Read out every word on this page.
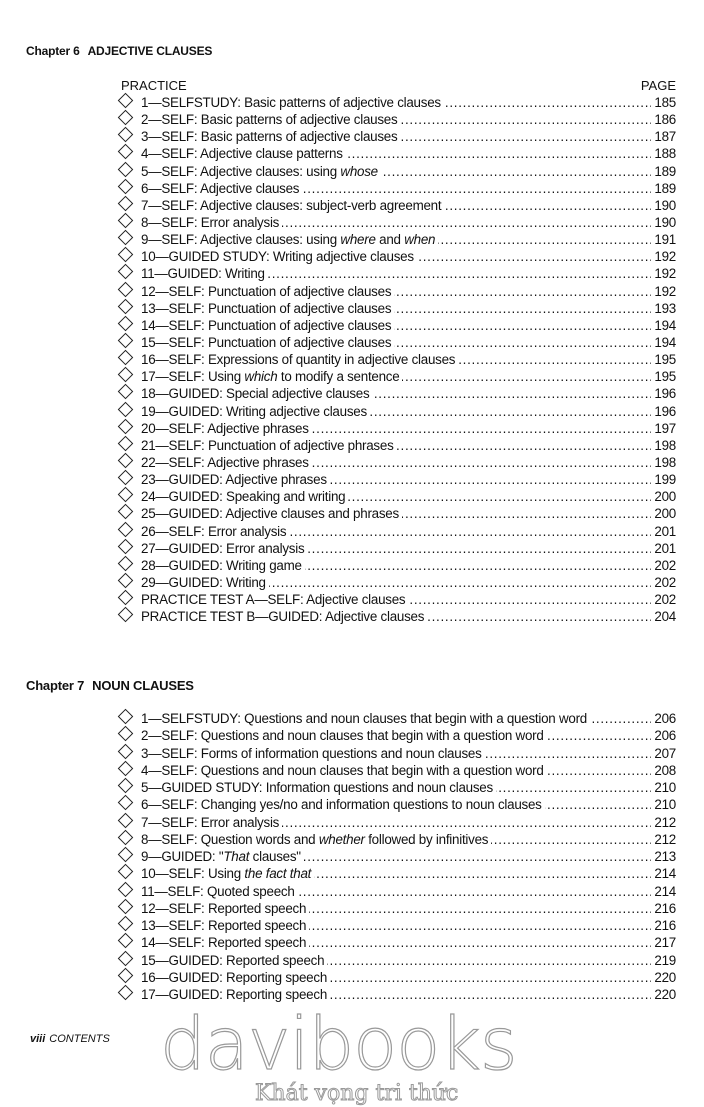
Chapter 6 ADJECTIVE CLAUSES
PRACTICE	PAGE
1—SELFSTUDY: Basic patterns of adjective clauses . . .	185
2—SELF: Basic patterns of adjective clauses . . .	186
3—SELF: Basic patterns of adjective clauses . . .	187
4—SELF: Adjective clause patterns . . .	188
5—SELF: Adjective clauses: using whose . . .	189
6—SELF: Adjective clauses . . .	189
7—SELF: Adjective clauses: subject-verb agreement . . .	190
8—SELF: Error analysis . . .	190
9—SELF: Adjective clauses: using where and when . . .	191
10—GUIDED STUDY: Writing adjective clauses . . .	192
11—GUIDED: Writing . . .	192
12—SELF: Punctuation of adjective clauses . . .	192
13—SELF: Punctuation of adjective clauses . . .	193
14—SELF: Punctuation of adjective clauses . . .	194
15—SELF: Punctuation of adjective clauses . . .	194
16—SELF: Expressions of quantity in adjective clauses . . .	195
17—SELF: Using which to modify a sentence . . .	195
18—GUIDED: Special adjective clauses . . .	196
19—GUIDED: Writing adjective clauses . . .	196
20—SELF: Adjective phrases . . .	197
21—SELF: Punctuation of adjective phrases . . .	198
22—SELF: Adjective phrases . . .	198
23—GUIDED: Adjective phrases . . .	199
24—GUIDED: Speaking and writing . . .	200
25—GUIDED: Adjective clauses and phrases . . .	200
26—SELF: Error analysis . . .	201
27—GUIDED: Error analysis . . .	201
28—GUIDED: Writing game . . .	202
29—GUIDED: Writing . . .	202
PRACTICE TEST A—SELF: Adjective clauses . . .	202
PRACTICE TEST B—GUIDED: Adjective clauses . . .	204
Chapter 7 NOUN CLAUSES
1—SELFSTUDY: Questions and noun clauses that begin with a question word . . .	206
2—SELF: Questions and noun clauses that begin with a question word . . .	206
3—SELF: Forms of information questions and noun clauses . . .	207
4—SELF: Questions and noun clauses that begin with a question word . . .	208
5—GUIDED STUDY: Information questions and noun clauses . . .	210
6—SELF: Changing yes/no and information questions to noun clauses . . .	210
7—SELF: Error analysis . . .	212
8—SELF: Question words and whether followed by infinitives . . .	212
9—GUIDED: "That clauses" . . .	213
10—SELF: Using the fact that . . .	214
11—SELF: Quoted speech . . .	214
12—SELF: Reported speech . . .	216
13—SELF: Reported speech . . .	216
14—SELF: Reported speech . . .	217
15—GUIDED: Reported speech . . .	219
16—GUIDED: Reporting speech . . .	220
17—GUIDED: Reporting speech . . .	220
viii CONTENTS davibooks
Khát vọng tri thức
